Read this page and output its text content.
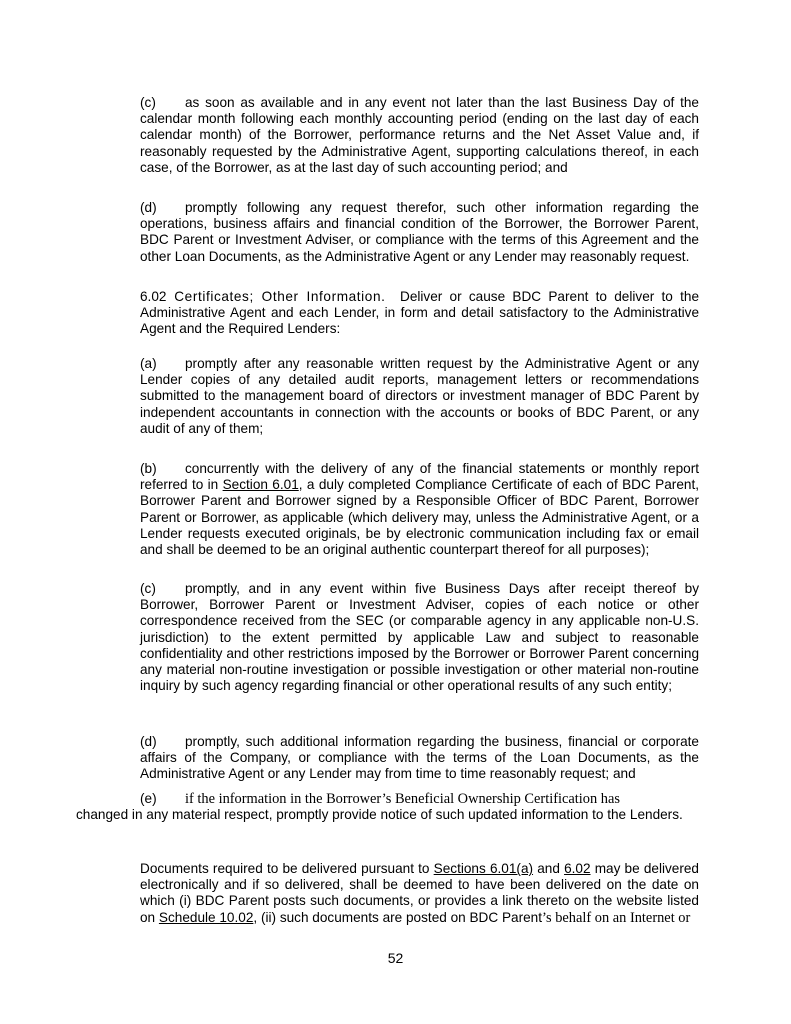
(c) as soon as available and in any event not later than the last Business Day of the calendar month following each monthly accounting period (ending on the last day of each calendar month) of the Borrower, performance returns and the Net Asset Value and, if reasonably requested by the Administrative Agent, supporting calculations thereof, in each case, of the Borrower, as at the last day of such accounting period; and

(d) promptly following any request therefor, such other information regarding the operations, business affairs and financial condition of the Borrower, the Borrower Parent, BDC Parent or Investment Adviser, or compliance with the terms of this Agreement and the other Loan Documents, as the Administrative Agent or any Lender may reasonably request.

6.02 Certificates; Other Information. Deliver or cause BDC Parent to deliver to the Administrative Agent and each Lender, in form and detail satisfactory to the Administrative Agent and the Required Lenders:

(a) promptly after any reasonable written request by the Administrative Agent or any Lender copies of any detailed audit reports, management letters or recommendations submitted to the management board of directors or investment manager of BDC Parent by independent accountants in connection with the accounts or books of BDC Parent, or any audit of any of them;

(b) concurrently with the delivery of any of the financial statements or monthly report referred to in Section 6.01, a duly completed Compliance Certificate of each of BDC Parent, Borrower Parent and Borrower signed by a Responsible Officer of BDC Parent, Borrower Parent or Borrower, as applicable (which delivery may, unless the Administrative Agent, or a Lender requests executed originals, be by electronic communication including fax or email and shall be deemed to be an original authentic counterpart thereof for all purposes);

(c) promptly, and in any event within five Business Days after receipt thereof by Borrower, Borrower Parent or Investment Adviser, copies of each notice or other correspondence received from the SEC (or comparable agency in any applicable non-U.S. jurisdiction) to the extent permitted by applicable Law and subject to reasonable confidentiality and other restrictions imposed by the Borrower or Borrower Parent concerning any material non-routine investigation or possible investigation or other material non-routine inquiry by such agency regarding financial or other operational results of any such entity;

(d) promptly, such additional information regarding the business, financial or corporate affairs of the Company, or compliance with the terms of the Loan Documents, as the Administrative Agent or any Lender may from time to time reasonably request; and

(e) if the information in the Borrower’s Beneficial Ownership Certification has
changed in any material respect, promptly provide notice of such updated information to the Lenders.

Documents required to be delivered pursuant to Sections 6.01(a) and 6.02 may be delivered electronically and if so delivered, shall be deemed to have been delivered on the date on which (i) BDC Parent posts such documents, or provides a link thereto on the website listed on Schedule 10.02, (ii) such documents are posted on BDC Parent’s behalf on an Internet or

52
